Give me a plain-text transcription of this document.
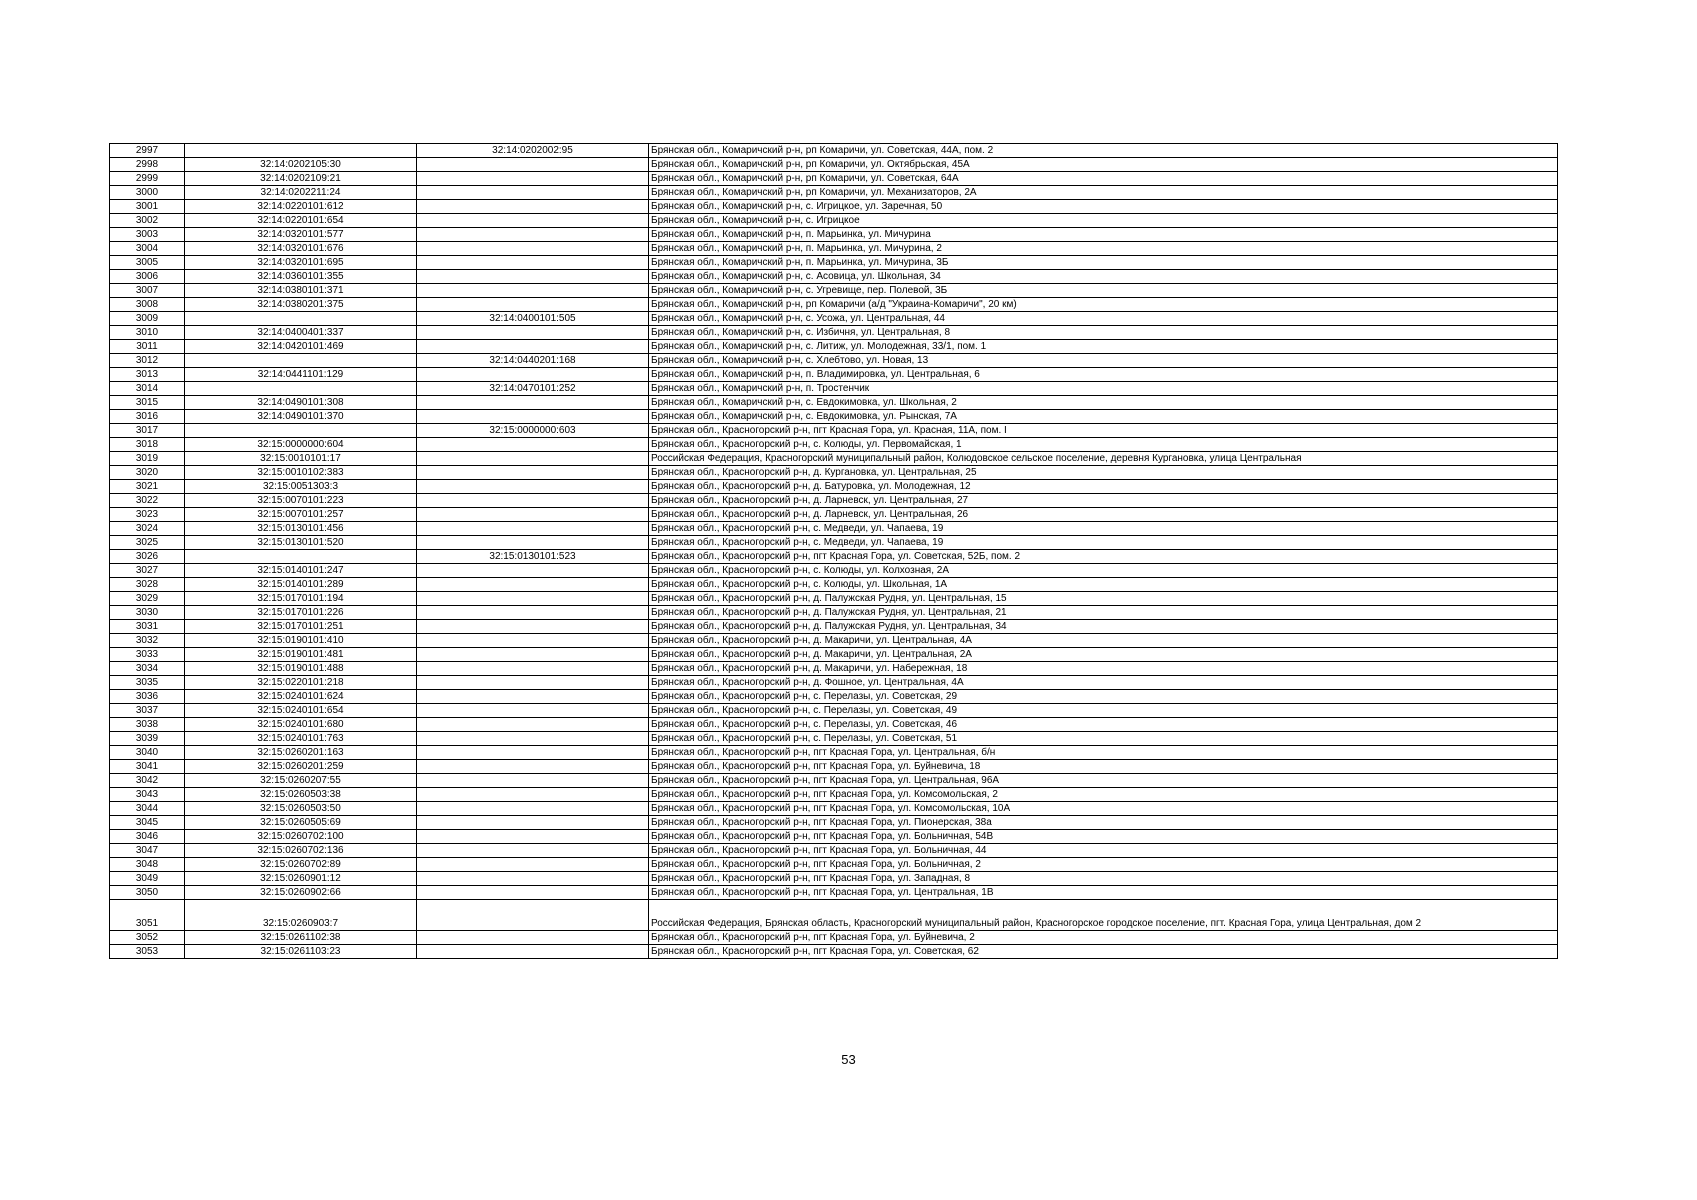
2997		32:14:0202002:95	Брянская обл., Комаричский р-н, рп Комаричи, ул. Советская, 44А, пом. 2
2998	32:14:0202105:30		Брянская обл., Комаричский р-н, рп Комаричи, ул. Октябрьская, 45А
2999	32:14:0202109:21		Брянская обл., Комаричский р-н, рп Комаричи, ул. Советская, 64А
3000	32:14:0202211:24		Брянская обл., Комаричский р-н, рп Комаричи, ул. Механизаторов, 2А
3001	32:14:0220101:612		Брянская обл., Комаричский р-н, с. Игрицкое, ул. Заречная, 50
3002	32:14:0220101:654		Брянская обл., Комаричский р-н, с. Игрицкое
3003	32:14:0320101:577		Брянская обл., Комаричский р-н, п. Марьинка, ул. Мичурина
3004	32:14:0320101:676		Брянская обл., Комаричский р-н, п. Марьинка, ул. Мичурина, 2
3005	32:14:0320101:695		Брянская обл., Комаричский р-н, п. Марьинка, ул. Мичурина, 3Б
3006	32:14:0360101:355		Брянская обл., Комаричский р-н, с. Асовица, ул. Школьная, 34
3007	32:14:0380101:371		Брянская обл., Комаричский р-н, с. Угревище, пер. Полевой, 3Б
3008	32:14:0380201:375		Брянская обл., Комаричский р-н, рп Комаричи (а/д "Украина-Комаричи", 20 км)
3009		32:14:0400101:505	Брянская обл., Комаричский р-н, с. Усожа, ул. Центральная, 44
3010	32:14:0400401:337		Брянская обл., Комаричский р-н, с. Избичня, ул. Центральная, 8
3011	32:14:0420101:469		Брянская обл., Комаричский р-н, с. Литиж, ул. Молодежная, 33/1, пом. 1
3012		32:14:0440201:168	Брянская обл., Комаричский р-н, с. Хлебтово, ул. Новая, 13
3013	32:14:0441101:129		Брянская обл., Комаричский р-н, п. Владимировка, ул. Центральная, 6
3014		32:14:0470101:252	Брянская обл., Комаричский р-н, п. Тростенчик
3015	32:14:0490101:308		Брянская обл., Комаричский р-н, с. Евдокимовка, ул. Школьная, 2
3016	32:14:0490101:370		Брянская обл., Комаричский р-н, с. Евдокимовка, ул. Рынская, 7А
3017		32:15:0000000:603	Брянская обл., Красногорский р-н, пгт Красная Гора, ул. Красная, 11А, пом. I
3018	32:15:0000000:604		Брянская обл., Красногорский р-н, с. Колюды, ул. Первомайская, 1
3019	32:15:0010101:17		Российская Федерация, Красногорский муниципальный район, Колюдовское сельское поселение, деревня Кургановка, улица Центральная
3020	32:15:0010102:383		Брянская обл., Красногорский р-н, д. Кургановка, ул. Центральная, 25
3021	32:15:0051303:3		Брянская обл., Красногорский р-н, д. Батуровка, ул. Молодежная, 12
3022	32:15:0070101:223		Брянская обл., Красногорский р-н, д. Ларневск, ул. Центральная, 27
3023	32:15:0070101:257		Брянская обл., Красногорский р-н, д. Ларневск, ул. Центральная, 26
3024	32:15:0130101:456		Брянская обл., Красногорский р-н, с. Медведи, ул. Чапаева, 19
3025	32:15:0130101:520		Брянская обл., Красногорский р-н, с. Медведи, ул. Чапаева, 19
3026		32:15:0130101:523	Брянская обл., Красногорский р-н, пгт Красная Гора, ул. Советская, 52Б, пом. 2
3027	32:15:0140101:247		Брянская обл., Красногорский р-н, с. Колюды, ул. Колхозная, 2А
3028	32:15:0140101:289		Брянская обл., Красногорский р-н, с. Колюды, ул. Школьная, 1А
3029	32:15:0170101:194		Брянская обл., Красногорский р-н, д. Палужская Рудня, ул. Центральная, 15
3030	32:15:0170101:226		Брянская обл., Красногорский р-н, д. Палужская Рудня, ул. Центральная, 21
3031	32:15:0170101:251		Брянская обл., Красногорский р-н, д. Палужская Рудня, ул. Центральная, 34
3032	32:15:0190101:410		Брянская обл., Красногорский р-н, д. Макаричи, ул. Центральная, 4А
3033	32:15:0190101:481		Брянская обл., Красногорский р-н, д. Макаричи, ул. Центральная, 2А
3034	32:15:0190101:488		Брянская обл., Красногорский р-н, д. Макаричи, ул. Набережная, 18
3035	32:15:0220101:218		Брянская обл., Красногорский р-н, д. Фошное, ул. Центральная, 4А
3036	32:15:0240101:624		Брянская обл., Красногорский р-н, с. Перелазы, ул. Советская, 29
3037	32:15:0240101:654		Брянская обл., Красногорский р-н, с. Перелазы, ул. Советская, 49
3038	32:15:0240101:680		Брянская обл., Красногорский р-н, с. Перелазы, ул. Советская, 46
3039	32:15:0240101:763		Брянская обл., Красногорский р-н, с. Перелазы, ул. Советская, 51
3040	32:15:0260201:163		Брянская обл., Красногорский р-н, пгт Красная Гора, ул. Центральная, б/н
3041	32:15:0260201:259		Брянская обл., Красногорский р-н, пгт Красная Гора, ул. Буйневича, 18
3042	32:15:0260207:55		Брянская обл., Красногорский р-н, пгт Красная Гора, ул. Центральная, 96А
3043	32:15:0260503:38		Брянская обл., Красногорский р-н, пгт Красная Гора, ул. Комсомольская, 2
3044	32:15:0260503:50		Брянская обл., Красногорский р-н, пгт Красная Гора, ул. Комсомольская, 10А
3045	32:15:0260505:69		Брянская обл., Красногорский р-н, пгт Красная Гора, ул. Пионерская, 38а
3046	32:15:0260702:100		Брянская обл., Красногорский р-н, пгт Красная Гора, ул. Больничная, 54В
3047	32:15:0260702:136		Брянская обл., Красногорский р-н, пгт Красная Гора, ул. Больничная, 44
3048	32:15:0260702:89		Брянская обл., Красногорский р-н, пгт Красная Гора, ул. Больничная, 2
3049	32:15:0260901:12		Брянская обл., Красногорский р-н, пгт Красная Гора, ул. Западная, 8
3050	32:15:0260902:66		Брянская обл., Красногорский р-н, пгт Красная Гора, ул. Центральная, 1В
3051	32:15:0260903:7		Российская Федерация, Брянская область, Красногорский муниципальный район, Красногорское городское поселение, пгт. Красная Гора, улица Центральная, дом 2
3052	32:15:0261102:38		Брянская обл., Красногорский р-н, пгт Красная Гора, ул. Буйневича, 2
3053	32:15:0261103:23		Брянская обл., Красногорский р-н, пгт Красная Гора, ул. Советская, 62
53
